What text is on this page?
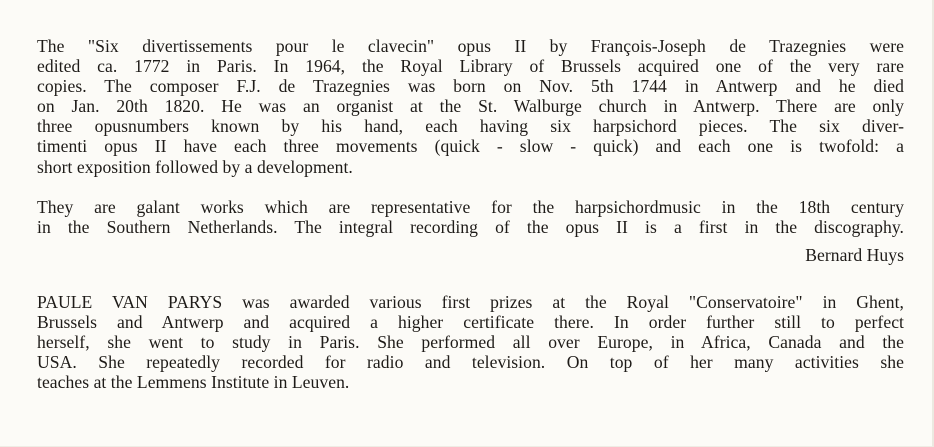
The "Six divertissements pour le clavecin" opus II by François-Joseph de Trazegnies were
edited ca. 1772 in Paris. In 1964, the Royal Library of Brussels acquired one of the very rare
copies. The composer F.J. de Trazegnies was born on Nov. 5th 1744 in Antwerp and he died
on Jan. 20th 1820. He was an organist at the St. Walburge church in Antwerp. There are only
three opusnumbers known by his hand, each having six harpsichord pieces. The six diver-
timenti opus II have each three movements (quick - slow - quick) and each one is twofold: a
short exposition followed by a development.
They are galant works which are representative for the harpsichordmusic in the 18th century
in the Southern Netherlands. The integral recording of the opus II is a first in the discography.
Bernard Huys
PAULE VAN PARYS was awarded various first prizes at the Royal "Conservatoire" in Ghent,
Brussels and Antwerp and acquired a higher certificate there. In order further still to perfect
herself, she went to study in Paris. She performed all over Europe, in Africa, Canada and the
USA. She repeatedly recorded for radio and television. On top of her many activities she
teaches at the Lemmens Institute in Leuven.
